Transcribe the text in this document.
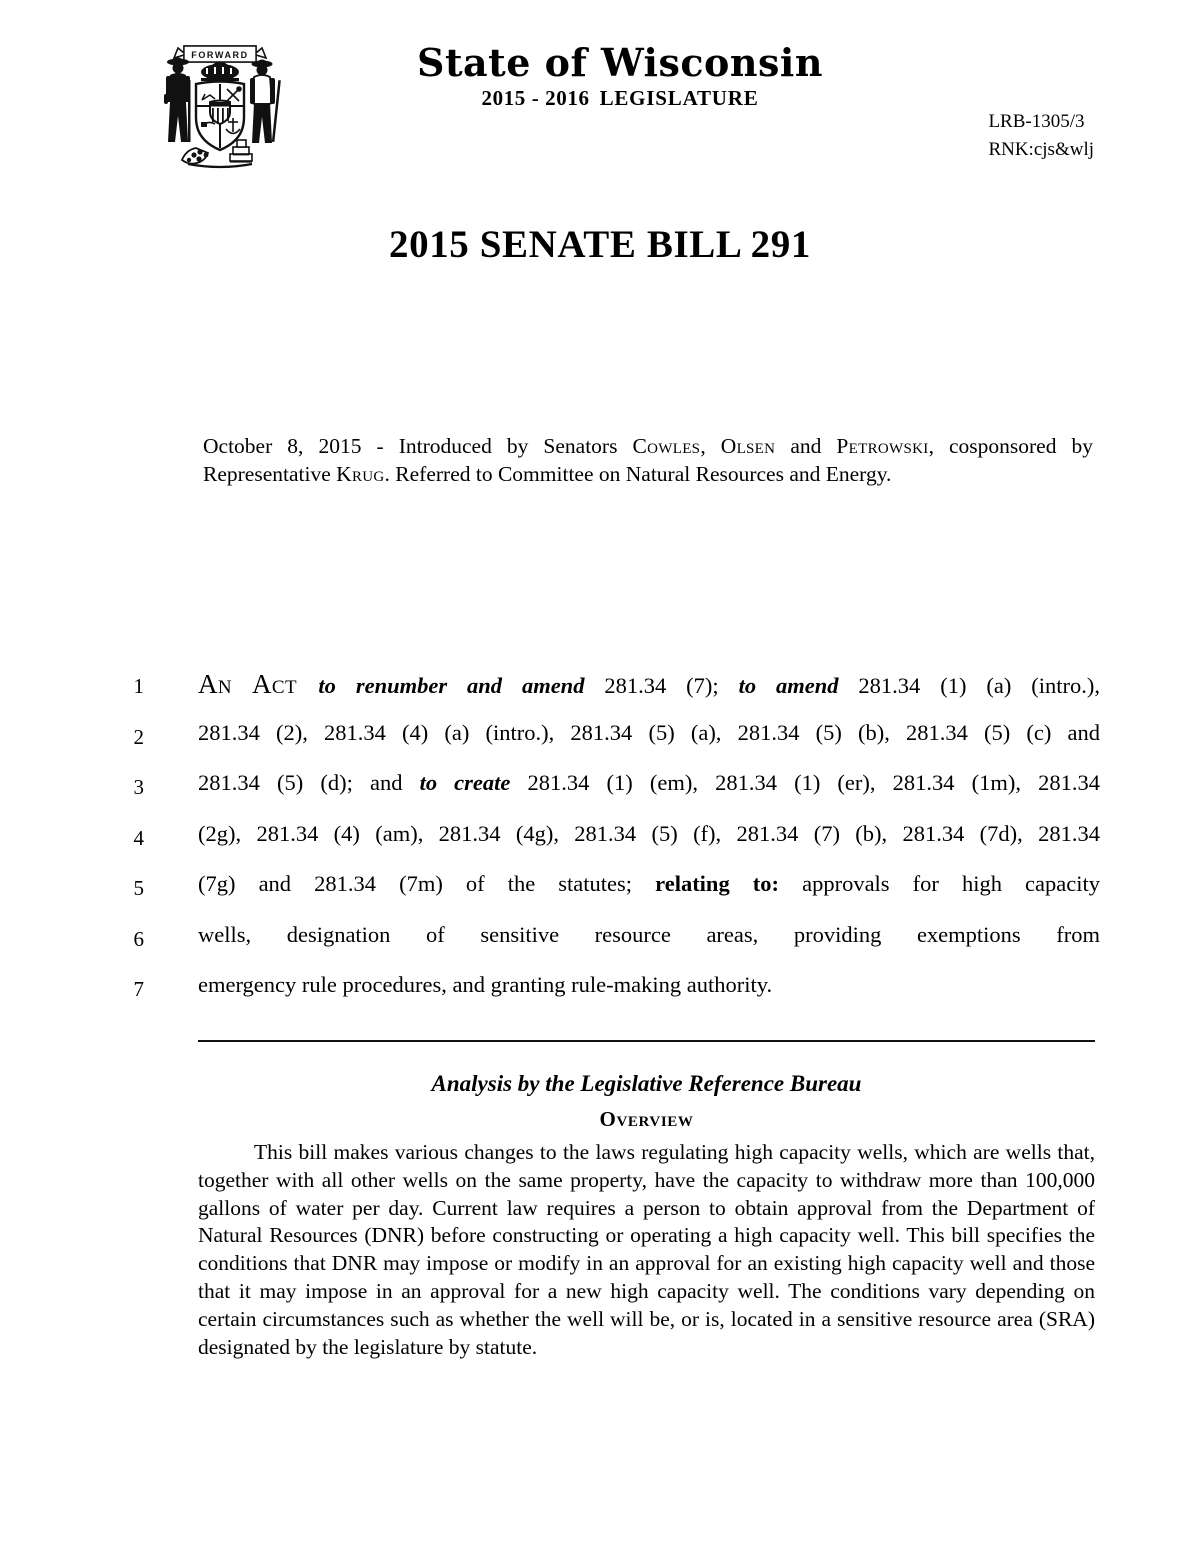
FORWARD	State of Wisconsin
2015 - 2016 LEGISLATURE
LRB-1305/3
RNK:cjs&wlj
2015 SENATE BILL 291
October 8, 2015 - Introduced by Senators Cowles, Olsen and Petrowski, cosponsored by Representative Krug. Referred to Committee on Natural Resources and Energy.
1 An Act to renumber and amend 281.34 (7); to amend 281.34 (1) (a) (intro.),
2 281.34 (2), 281.34 (4) (a) (intro.), 281.34 (5) (a), 281.34 (5) (b), 281.34 (5) (c) and
3 281.34 (5) (d); and to create 281.34 (1) (em), 281.34 (1) (er), 281.34 (1m), 281.34
4 (2g), 281.34 (4) (am), 281.34 (4g), 281.34 (5) (f), 281.34 (7) (b), 281.34 (7d), 281.34
5 (7g) and 281.34 (7m) of the statutes; relating to: approvals for high capacity
6 wells, designation of sensitive resource areas, providing exemptions from
7 emergency rule procedures, and granting rule-making authority.
Analysis by the Legislative Reference Bureau
Overview
This bill makes various changes to the laws regulating high capacity wells, which are wells that, together with all other wells on the same property, have the capacity to withdraw more than 100,000 gallons of water per day. Current law requires a person to obtain approval from the Department of Natural Resources (DNR) before constructing or operating a high capacity well. This bill specifies the conditions that DNR may impose or modify in an approval for an existing high capacity well and those that it may impose in an approval for a new high capacity well. The conditions vary depending on certain circumstances such as whether the well will be, or is, located in a sensitive resource area (SRA) designated by the legislature by statute.
